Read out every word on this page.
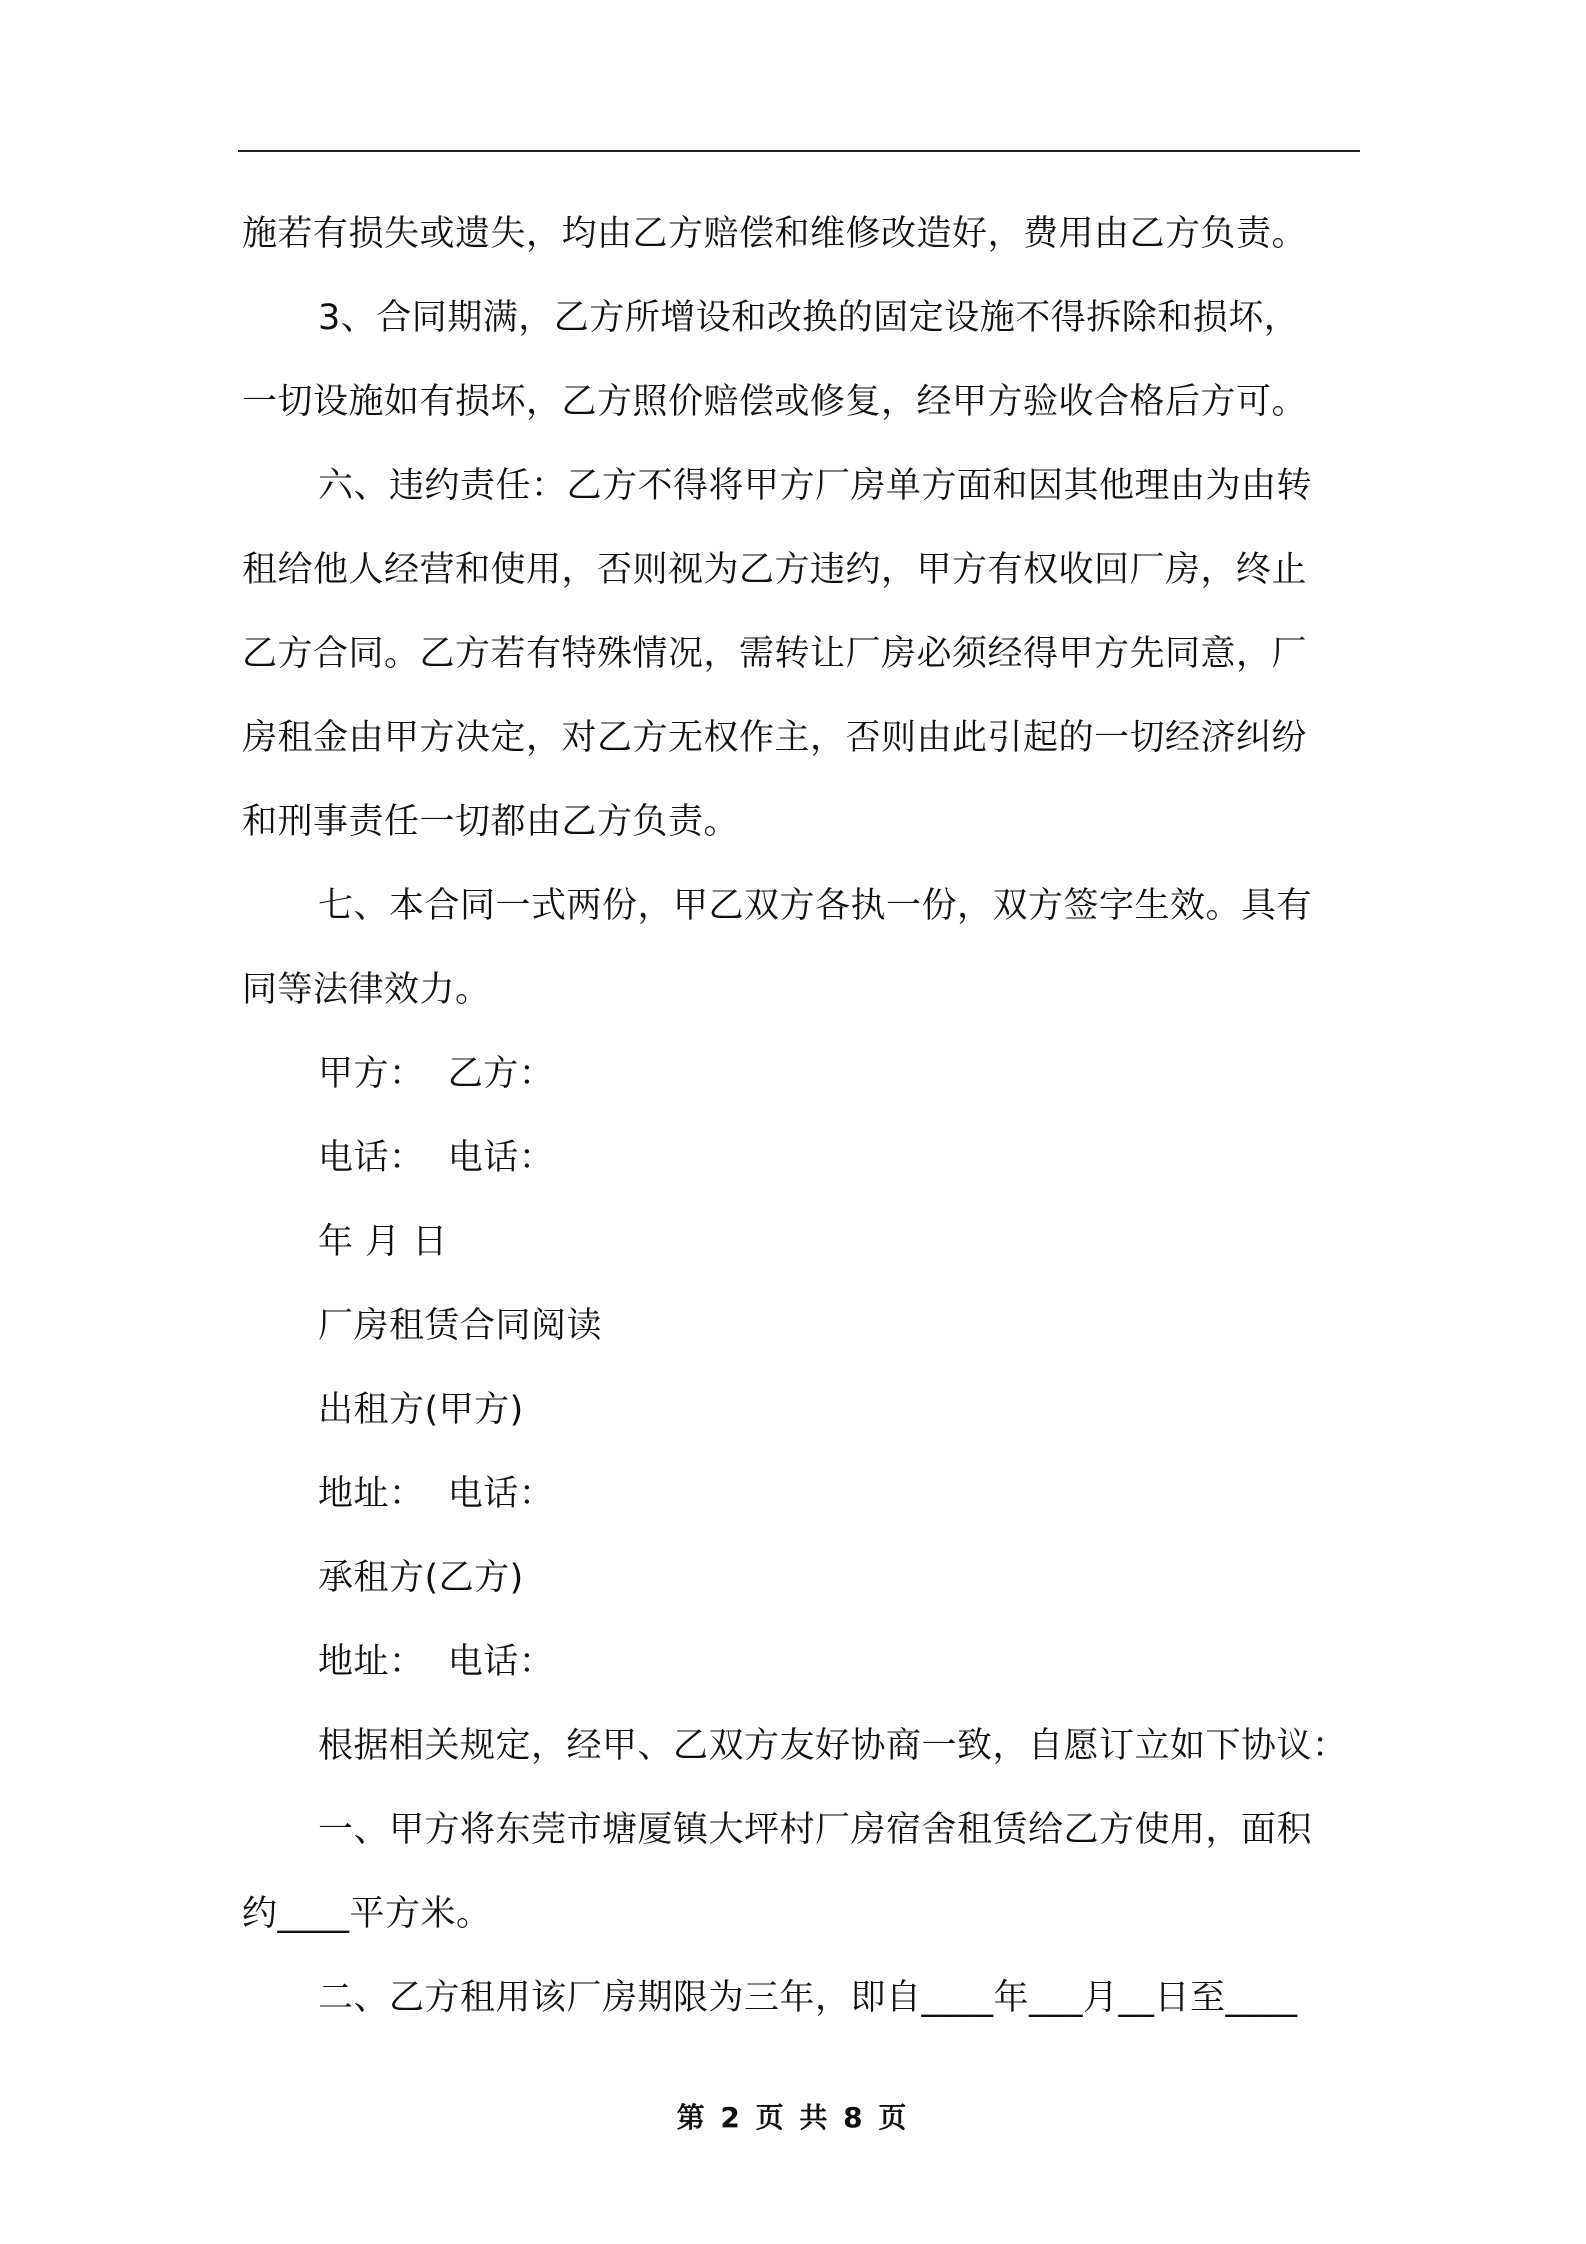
施若有损失或遗失，均由乙方赔偿和维修改造好，费用由乙方负责。
3、合同期满，乙方所增设和改换的固定设施不得拆除和损坏，
一切设施如有损坏，乙方照价赔偿或修复，经甲方验收合格后方可。
六、违约责任：乙方不得将甲方厂房单方面和因其他理由为由转
租给他人经营和使用，否则视为乙方违约，甲方有权收回厂房，终止
乙方合同。乙方若有特殊情况，需转让厂房必须经得甲方先同意，厂
房租金由甲方决定，对乙方无权作主，否则由此引起的一切经济纠纷
和刑事责任一切都由乙方负责。
七、本合同一式两份，甲乙双方各执一份，双方签字生效。具有
同等法律效力。
甲方：  乙方：
电话：  电话：
年 月 日
厂房租赁合同阅读
出租方(甲方)
地址：  电话：
承租方(乙方)
地址：  电话：
根据相关规定，经甲、乙双方友好协商一致，自愿订立如下协议：
一、甲方将东莞市塘厦镇大坪村厂房宿舍租赁给乙方使用，面积
约____平方米。
二、乙方租用该厂房期限为三年，即自____年___月__日至____
第 2 页 共 8 页
